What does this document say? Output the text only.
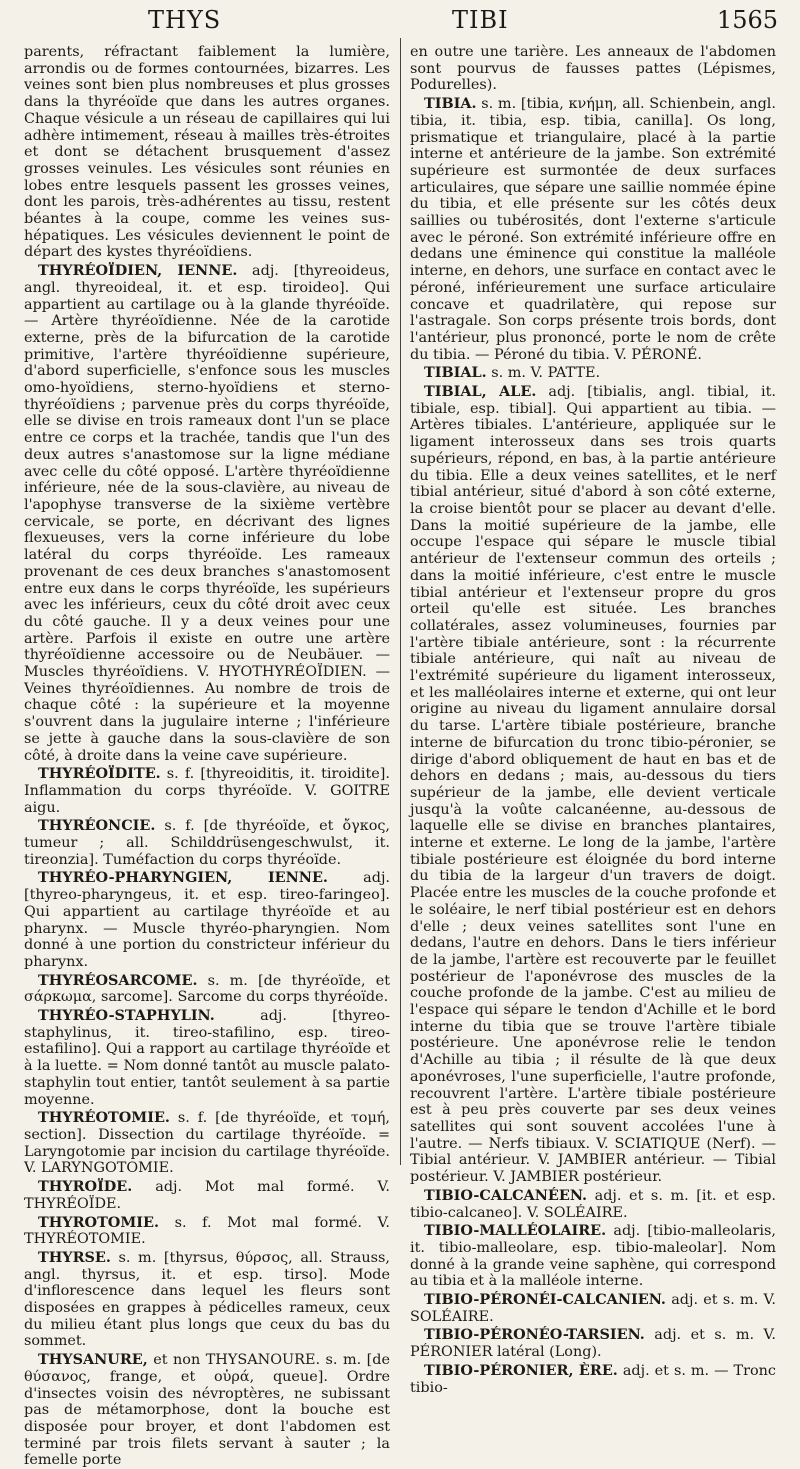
THYS	TIBI	1565

parents, réfractant faiblement la lumière, arrondis ou de formes contournées, bizarres. Les veines sont bien plus nombreuses et plus grosses dans la thyréoïde que dans les autres organes. Chaque vésicule a un réseau de capillaires qui lui adhère intimement, réseau à mailles très-étroites et dont se détachent brusquement d'assez grosses veinules. Les vésicules sont réunies en lobes entre lesquels passent les grosses veines, dont les parois, très-adhérentes au tissu, restent béantes à la coupe, comme les veines sus-hépatiques. Les vésicules deviennent le point de départ des kystes thyréoïdiens.

THYRÉOÏDIEN, IENNE. adj. [thyreoideus, angl. thyreoideal, it. et esp. tiroideo]. Qui appartient au cartilage ou à la glande thyréoïde. — Artère thyréoïdienne. Née de la carotide externe, près de la bifurcation de la carotide primitive, l'artère thyréoïdienne supérieure, d'abord superficielle, s'enfonce sous les muscles omo-hyoïdiens, sterno-hyoïdiens et sterno-thyréoïdiens ; parvenue près du corps thyréoïde, elle se divise en trois rameaux dont l'un se place entre ce corps et la trachée, tandis que l'un des deux autres s'anastomose sur la ligne médiane avec celle du côté opposé. L'artère thyréoïdienne inférieure, née de la sous-clavière, au niveau de l'apophyse transverse de la sixième vertèbre cervicale, se porte, en décrivant des lignes flexueuses, vers la corne inférieure du lobe latéral du corps thyréoïde. Les rameaux provenant de ces deux branches s'anastomosent entre eux dans le corps thyréoïde, les supérieurs avec les inférieurs, ceux du côté droit avec ceux du côté gauche. Il y a deux veines pour une artère. Parfois il existe en outre une artère thyréoïdienne accessoire ou de Neubäuer. — Muscles thyréoïdiens. V. HYOTHYRÉOÏDIEN. — Veines thyréoïdiennes. Au nombre de trois de chaque côté : la supérieure et la moyenne s'ouvrent dans la jugulaire interne ; l'inférieure se jette à gauche dans la sous-clavière de son côté, à droite dans la veine cave supérieure.

THYRÉOÏDITE. s. f. [thyreoiditis, it. tiroidite]. Inflammation du corps thyréoïde. V. GOITRE aigu.

THYRÉONCIE. s. f. [de thyréoïde, et ὄγκος, tumeur ; all. Schilddrüsengeschwulst, it. tireonzia]. Tuméfaction du corps thyréoïde.

THYRÉO-PHARYNGIEN, IENNE. adj. [thyreo-pharyngeus, it. et esp. tireo-faringeo]. Qui appartient au cartilage thyréoïde et au pharynx. — Muscle thyréo-pharyngien. Nom donné à une portion du constricteur inférieur du pharynx.

THYRÉOSARCOME. s. m. [de thyréoïde, et σάρκωμα, sarcome]. Sarcome du corps thyréoïde.

THYRÉO-STAPHYLIN. adj. [thyreo-staphylinus, it. tireo-stafilino, esp. tireo-estafilino]. Qui a rapport au cartilage thyréoïde et à la luette. = Nom donné tantôt au muscle palato-staphylin tout entier, tantôt seulement à sa partie moyenne.

THYRÉOTOMIE. s. f. [de thyréoïde, et τομή, section]. Dissection du cartilage thyréoïde. = Laryngotomie par incision du cartilage thyréoïde. V. LARYNGOTOMIE.

THYROÏDE. adj. Mot mal formé. V. THYRÉOÏDE.

THYROTOMIE. s. f. Mot mal formé. V. THYRÉOTOMIE.

THYRSE. s. m. [thyrsus, θύρσος, all. Strauss, angl. thyrsus, it. et esp. tirso]. Mode d'inflorescence dans lequel les fleurs sont disposées en grappes à pédicelles rameux, ceux du milieu étant plus longs que ceux du bas du sommet.

THYSANURE, et non THYSANOURE. s. m. [de θύσανος, frange, et οὐρά, queue]. Ordre d'insectes voisin des névroptères, ne subissant pas de métamorphose, dont la bouche est disposée pour broyer, et dont l'abdomen est terminé par trois filets servant à sauter ; la femelle porte

en outre une tarière. Les anneaux de l'abdomen sont pourvus de fausses pattes (Lépismes, Podurelles).

TIBIA. s. m. [tibia, κνήμη, all. Schienbein, angl. tibia, it. tibia, esp. tibia, canilla]. Os long, prismatique et triangulaire, placé à la partie interne et antérieure de la jambe. Son extrémité supérieure est surmontée de deux surfaces articulaires, que sépare une saillie nommée épine du tibia, et elle présente sur les côtés deux saillies ou tubérosités, dont l'externe s'articule avec le péroné. Son extrémité inférieure offre en dedans une éminence qui constitue la malléole interne, en dehors, une surface en contact avec le péroné, inférieurement une surface articulaire concave et quadrilatère, qui repose sur l'astragale. Son corps présente trois bords, dont l'antérieur, plus prononcé, porte le nom de crête du tibia. — Péroné du tibia. V. PÉRONÉ.

TIBIAL. s. m. V. PATTE.

TIBIAL, ALE. adj. [tibialis, angl. tibial, it. tibiale, esp. tibial]. Qui appartient au tibia. — Artères tibiales. L'antérieure, appliquée sur le ligament interosseux dans ses trois quarts supérieurs, répond, en bas, à la partie antérieure du tibia. Elle a deux veines satellites, et le nerf tibial antérieur, situé d'abord à son côté externe, la croise bientôt pour se placer au devant d'elle. Dans la moitié supérieure de la jambe, elle occupe l'espace qui sépare le muscle tibial antérieur de l'extenseur commun des orteils ; dans la moitié inférieure, c'est entre le muscle tibial antérieur et l'extenseur propre du gros orteil qu'elle est située. Les branches collatérales, assez volumineuses, fournies par l'artère tibiale antérieure, sont : la récurrente tibiale antérieure, qui naît au niveau de l'extrémité supérieure du ligament interosseux, et les malléolaires interne et externe, qui ont leur origine au niveau du ligament annulaire dorsal du tarse. L'artère tibiale postérieure, branche interne de bifurcation du tronc tibio-péronier, se dirige d'abord obliquement de haut en bas et de dehors en dedans ; mais, au-dessous du tiers supérieur de la jambe, elle devient verticale jusqu'à la voûte calcanéenne, au-dessous de laquelle elle se divise en branches plantaires, interne et externe. Le long de la jambe, l'artère tibiale postérieure est éloignée du bord interne du tibia de la largeur d'un travers de doigt. Placée entre les muscles de la couche profonde et le soléaire, le nerf tibial postérieur est en dehors d'elle ; deux veines satellites sont l'une en dedans, l'autre en dehors. Dans le tiers inférieur de la jambe, l'artère est recouverte par le feuillet postérieur de l'aponévrose des muscles de la couche profonde de la jambe. C'est au milieu de l'espace qui sépare le tendon d'Achille et le bord interne du tibia que se trouve l'artère tibiale postérieure. Une aponévrose relie le tendon d'Achille au tibia ; il résulte de là que deux aponévroses, l'une superficielle, l'autre profonde, recouvrent l'artère. L'artère tibiale postérieure est à peu près couverte par ses deux veines satellites qui sont souvent accolées l'une à l'autre. — Nerfs tibiaux. V. SCIATIQUE (Nerf). — Tibial antérieur. V. JAMBIER antérieur. — Tibial postérieur. V. JAMBIER postérieur.

TIBIO-CALCANÉEN. adj. et s. m. [it. et esp. tibio-calcaneo]. V. SOLÉAIRE.

TIBIO-MALLÉOLAIRE. adj. [tibio-malleolaris, it. tibio-malleolare, esp. tibio-maleolar]. Nom donné à la grande veine saphène, qui correspond au tibia et à la malléole interne.

TIBIO-PÉRONÉI-CALCANIEN. adj. et s. m. V. SOLÉAIRE.

TIBIO-PÉRONÉO-TARSIEN. adj. et s. m. V. PÉRONIER latéral (Long).

TIBIO-PÉRONIER, ÈRE. adj. et s. m. — Tronc tibio-
